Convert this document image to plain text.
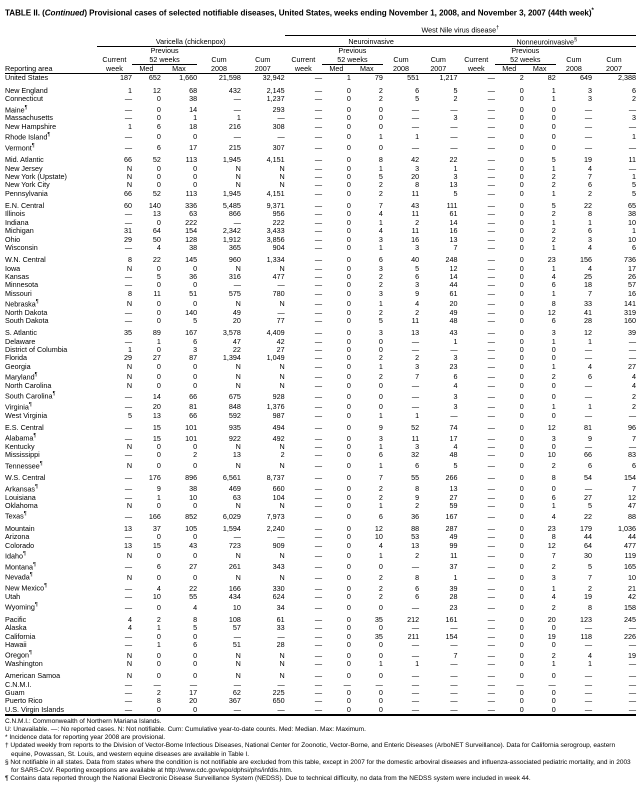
TABLE II. (Continued) Provisional cases of selected notifiable diseases, United States, weeks ending November 1, 2008, and November 3, 2007 (44th week)*
						West Nile virus disease†
	Varicella (chickenpox)					Neuroinvasive					Nonneuroinvasive§
		Previous					Previous					Previous			
	Current	52 weeks		Cum	Cum	Current	52 weeks		Cum	Cum	Current	52 weeks		Cum	Cum
Reporting area	week	Med	Max	2008	2007	week	Med	Max	2008	2007	week	Med	Max	2008	2007
United States	187	652	1,660	21,598	32,942	—	1	79	551	1,217	—	2	82	649	2,388

New England	1	12	68	432	2,145	—	0	2	6	5	—	0	1	3	6
Connecticut	—	0	38	—	1,237	—	0	2	5	2	—	0	1	3	2
Maine¶	—	0	14	—	293	—	0	0	—	—	—	0	0	—	—
Massachusetts	—	0	1	1	—	—	0	0	—	3	—	0	0	—	3
New Hampshire	1	6	18	216	308	—	0	0	—	—	—	0	0	—	—
Rhode Island¶	—	0	0	—	—	—	0	1	1	—	—	0	0	—	1
Vermont¶	—	6	17	215	307	—	0	0	—	—	—	0	0	—	—

Mid. Atlantic	66	52	113	1,945	4,151	—	0	8	42	22	—	0	5	19	11
New Jersey	N	0	0	N	N	—	0	1	3	1	—	0	1	4	—
New York (Upstate)	N	0	0	N	N	—	0	5	20	3	—	0	2	7	1
New York City	N	0	0	N	N	—	0	2	8	13	—	0	2	6	5
Pennsylvania	66	52	113	1,945	4,151	—	0	2	11	5	—	0	1	2	5

E.N. Central	60	140	336	5,485	9,371	—	0	7	43	111	—	0	5	22	65
Illinois	—	13	63	866	956	—	0	4	11	61	—	0	2	8	38
Indiana	—	0	222	—	222	—	0	1	2	14	—	0	1	1	10
Michigan	31	64	154	2,342	3,433	—	0	4	11	16	—	0	2	6	1
Ohio	29	50	128	1,912	3,856	—	0	3	16	13	—	0	2	3	10
Wisconsin	—	4	38	365	904	—	0	1	3	7	—	0	1	4	6

W.N. Central	8	22	145	960	1,334	—	0	6	40	248	—	0	23	156	736
Iowa	N	0	0	N	N	—	0	3	5	12	—	0	1	4	17
Kansas	—	5	36	316	477	—	0	2	6	14	—	0	4	25	26
Minnesota	—	0	0	—	—	—	0	2	3	44	—	0	6	18	57
Missouri	8	11	51	575	780	—	0	3	9	61	—	0	1	7	16
Nebraska¶	N	0	0	N	N	—	0	1	4	20	—	0	8	33	141
North Dakota	—	0	140	49	—	—	0	2	2	49	—	0	12	41	319
South Dakota	—	0	5	20	77	—	0	5	11	48	—	0	6	28	160

S. Atlantic	35	89	167	3,578	4,409	—	0	3	13	43	—	0	3	12	39
Delaware	—	1	6	47	42	—	0	0	—	1	—	0	1	1	—
District of Columbia	1	0	3	22	27	—	0	0	—	—	—	0	0	—	—
Florida	29	27	87	1,394	1,049	—	0	2	2	3	—	0	0	—	—
Georgia	N	0	0	N	N	—	0	1	3	23	—	0	1	4	27
Maryland¶	N	0	0	N	N	—	0	2	7	6	—	0	2	6	4
North Carolina	N	0	0	N	N	—	0	0	—	4	—	0	0	—	4
South Carolina¶	—	14	66	675	928	—	0	0	—	3	—	0	0	—	2
Virginia¶	—	20	81	848	1,376	—	0	0	—	3	—	0	1	1	2
West Virginia	5	13	66	592	987	—	0	1	1	—	—	0	0	—	—

E.S. Central	—	15	101	935	494	—	0	9	52	74	—	0	12	81	96
Alabama¶	—	15	101	922	492	—	0	3	11	17	—	0	3	9	7
Kentucky	N	0	0	N	N	—	0	1	3	4	—	0	0	—	—
Mississippi	—	0	2	13	2	—	0	6	32	48	—	0	10	66	83
Tennessee¶	N	0	0	N	N	—	0	1	6	5	—	0	2	6	6

W.S. Central	—	176	896	6,561	8,737	—	0	7	55	266	—	0	8	54	154
Arkansas¶	—	9	38	469	660	—	0	2	8	13	—	0	0	—	7
Louisiana	—	1	10	63	104	—	0	2	9	27	—	0	6	27	12
Oklahoma	N	0	0	N	N	—	0	1	2	59	—	0	1	5	47
Texas¶	—	166	852	6,029	7,973	—	0	6	36	167	—	0	4	22	88

Mountain	13	37	105	1,594	2,240	—	0	12	88	287	—	0	23	179	1,036
Arizona	—	0	0	—	—	—	0	10	53	49	—	0	8	44	44
Colorado	13	15	43	723	909	—	0	4	13	99	—	0	12	64	477
Idaho¶	N	0	0	N	N	—	0	1	2	11	—	0	7	30	119
Montana¶	—	6	27	261	343	—	0	0	—	37	—	0	2	5	165
Nevada¶	N	0	0	N	N	—	0	2	8	1	—	0	3	7	10
New Mexico¶	—	4	22	166	330	—	0	2	6	39	—	0	1	2	21
Utah	—	10	55	434	624	—	0	2	6	28	—	0	4	19	42
Wyoming¶	—	0	4	10	34	—	0	0	—	23	—	0	2	8	158

Pacific	4	2	8	108	61	—	0	35	212	161	—	0	20	123	245
Alaska	4	1	5	57	33	—	0	0	—	—	—	0	0	—	—
California	—	0	0	—	—	—	0	35	211	154	—	0	19	118	226
Hawaii	—	1	6	51	28	—	0	0	—	—	—	0	0	—	—
Oregon¶	N	0	0	N	N	—	0	0	—	7	—	0	2	4	19
Washington	N	0	0	N	N	—	0	1	1	—	—	0	1	1	—

American Samoa	N	0	0	N	N	—	0	0	—	—	—	0	0	—	—
C.N.M.I.	—	—	—	—	—	—	—	—	—	—	—	—	—	—	—
Guam	—	2	17	62	225	—	0	0	—	—	—	0	0	—	—
Puerto Rico	—	8	20	367	650	—	0	0	—	—	—	0	0	—	—
U.S. Virgin Islands	—	0	0	—	—	—	0	0	—	—	—	0	0	—	—
C.N.M.I.: Commonwealth of Northern Mariana Islands.
U: Unavailable. —: No reported cases. N: Not notifiable. Cum: Cumulative year-to-date counts. Med: Median. Max: Maximum.
* Incidence data for reporting year 2008 are provisional.
† Updated weekly from reports to the Division of Vector-Borne Infectious Diseases, National Center for Zoonotic, Vector-Borne, and Enteric Diseases (ArboNET Surveillance). Data for California serogroup, eastern equine, Powassan, St. Louis, and western equine diseases are available in Table I.
§ Not notifiable in all states. Data from states where the condition is not notifiable are excluded from this table, except in 2007 for the domestic arboviral diseases and influenza-associated pediatric mortality, and in 2003 for SARS-CoV. Reporting exceptions are available at http://www.cdc.gov/epo/dphsi/phs/infdis.htm.
¶ Contains data reported through the National Electronic Disease Surveillance System (NEDSS). Due to technical difficulty, no data from the NEDSS system were included in week 44.
